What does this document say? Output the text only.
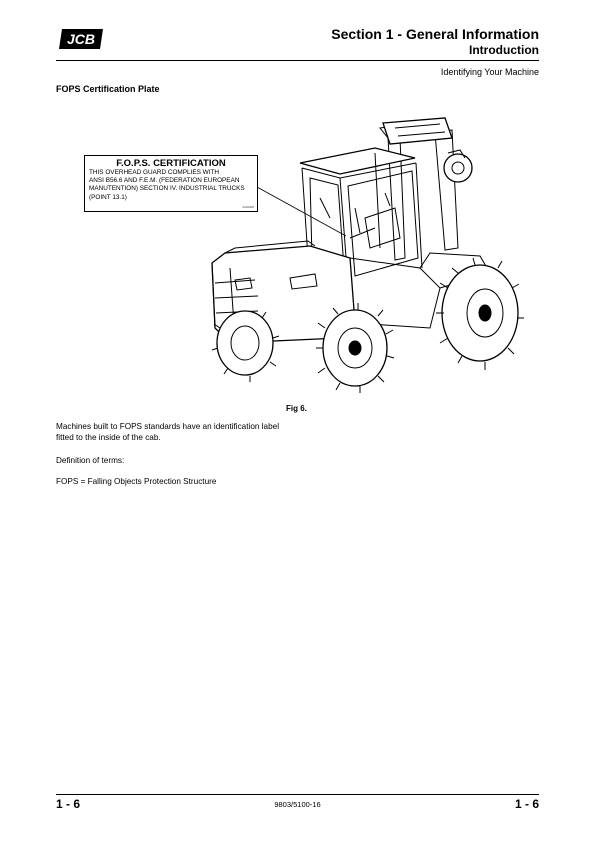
JCB	Section 1 - General Information
Introduction
Identifying Your Machine
FOPS Certification Plate
F.O.P.S. CERTIFICATION
THIS OVERHEAD GUARD COMPLIES WITH
ANSI B56.6 AND F.E.M. (FEDERATION EUROPEAN
MANUTENTION) SECTION IV. INDUSTRIAL TRUCKS
(POINT 13.1)
A1234000
Fig 6.
Machines built to FOPS standards have an identification label fitted to the inside of the cab.
Definition of terms:
FOPS = Falling Objects Protection Structure
1 - 6	9803/5100-16	1 - 6
